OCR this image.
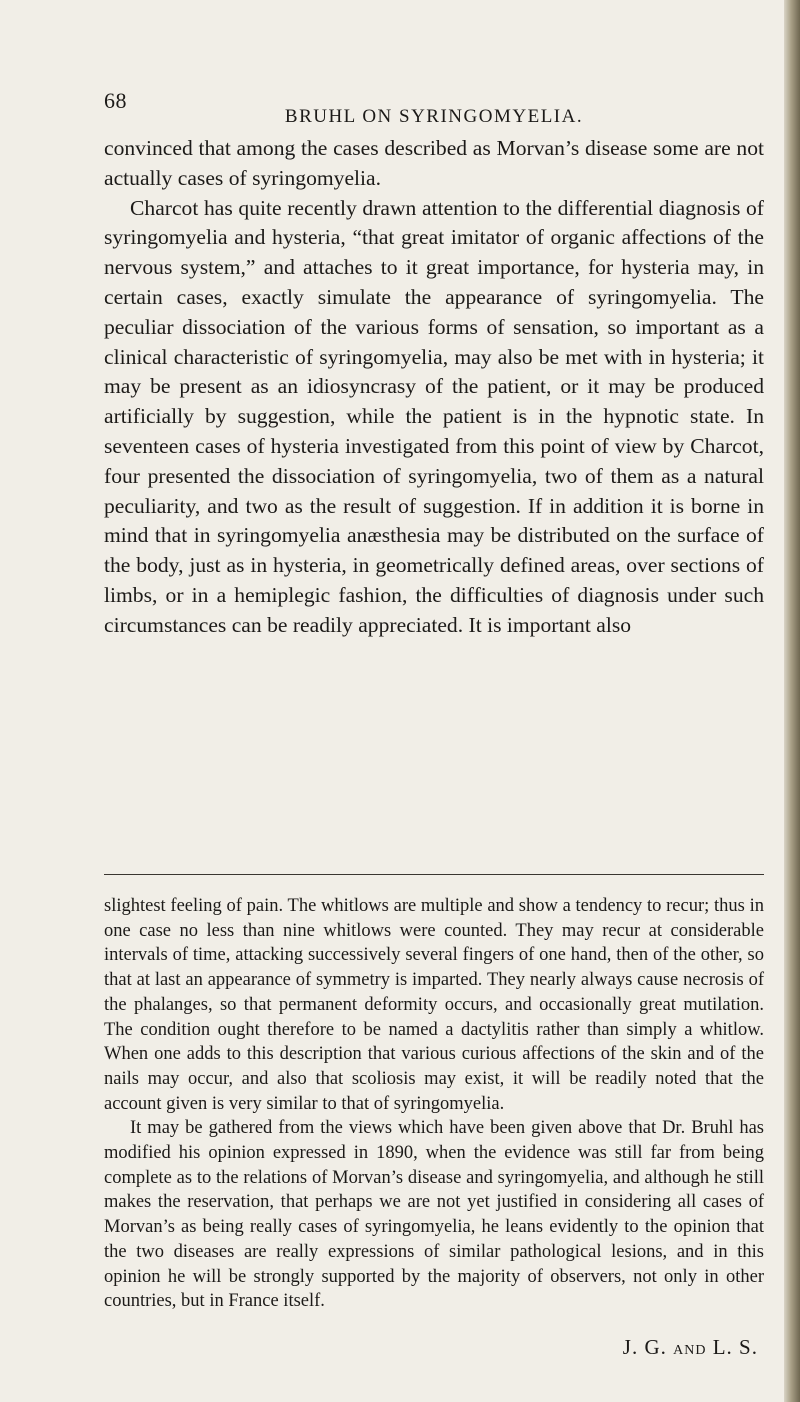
68
BRUHL ON SYRINGOMYELIA.

convinced that among the cases described as Morvan’s disease some are not actually cases of syringomyelia.

Charcot has quite recently drawn attention to the differential diagnosis of syringomyelia and hysteria, “that great imitator of organic affections of the nervous system,” and attaches to it great importance, for hysteria may, in certain cases, exactly simulate the appearance of syringomyelia. The peculiar dissociation of the various forms of sensation, so important as a clinical characteristic of syringomyelia, may also be met with in hysteria; it may be present as an idiosyncrasy of the patient, or it may be produced artificially by suggestion, while the patient is in the hypnotic state. In seventeen cases of hysteria investigated from this point of view by Charcot, four presented the dissociation of syringomyelia, two of them as a natural peculiarity, and two as the result of suggestion. If in addition it is borne in mind that in syringomyelia anæsthesia may be distributed on the surface of the body, just as in hysteria, in geometrically defined areas, over sections of limbs, or in a hemiplegic fashion, the difficulties of diagnosis under such circumstances can be readily appreciated. It is important also

slightest feeling of pain. The whitlows are multiple and show a tendency to recur; thus in one case no less than nine whitlows were counted. They may recur at considerable intervals of time, attacking successively several fingers of one hand, then of the other, so that at last an appearance of symmetry is imparted. They nearly always cause necrosis of the phalanges, so that permanent deformity occurs, and occasionally great mutilation. The condition ought therefore to be named a dactylitis rather than simply a whitlow. When one adds to this description that various curious affections of the skin and of the nails may occur, and also that scoliosis may exist, it will be readily noted that the account given is very similar to that of syringomyelia.

It may be gathered from the views which have been given above that Dr. Bruhl has modified his opinion expressed in 1890, when the evidence was still far from being complete as to the relations of Morvan’s disease and syringomyelia, and although he still makes the reservation, that perhaps we are not yet justified in considering all cases of Morvan’s as being really cases of syringomyelia, he leans evidently to the opinion that the two diseases are really expressions of similar pathological lesions, and in this opinion he will be strongly supported by the majority of observers, not only in other countries, but in France itself.

J. G. AND L. S.
